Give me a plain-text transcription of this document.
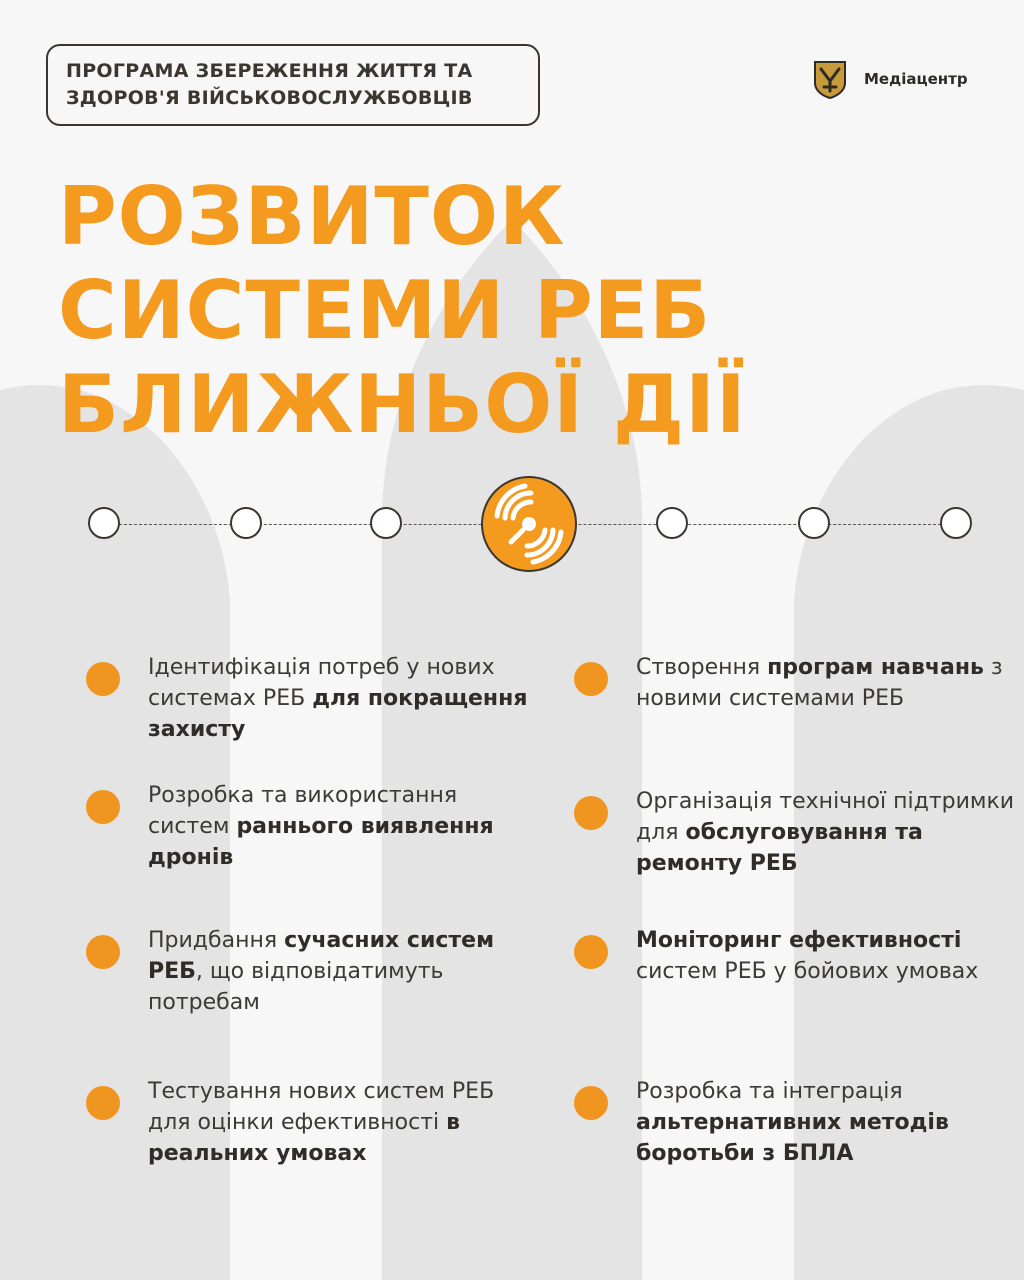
ПРОГРАМА ЗБЕРЕЖЕННЯ ЖИТТЯ ТА
ЗДОРОВ'Я ВІЙСЬКОВОСЛУЖБОВЦІВ
Медіацентр
РОЗВИТОК
СИСТЕМИ РЕБ
БЛИЖНЬОЇ ДІЇ
Ідентифікація потреб у нових системах РЕБ для покращення захисту
Розробка та використання систем раннього виявлення дронів
Придбання сучасних систем РЕБ, що відповідатимуть потребам
Тестування нових систем РЕБ для оцінки ефективності в реальних умовах
Створення програм навчань з новими системами РЕБ
Організація технічної підтримки для обслуговування та ремонту РЕБ
Моніторинг ефективності систем РЕБ у бойових умовах
Розробка та інтеграція альтернативних методів боротьби з БПЛА
